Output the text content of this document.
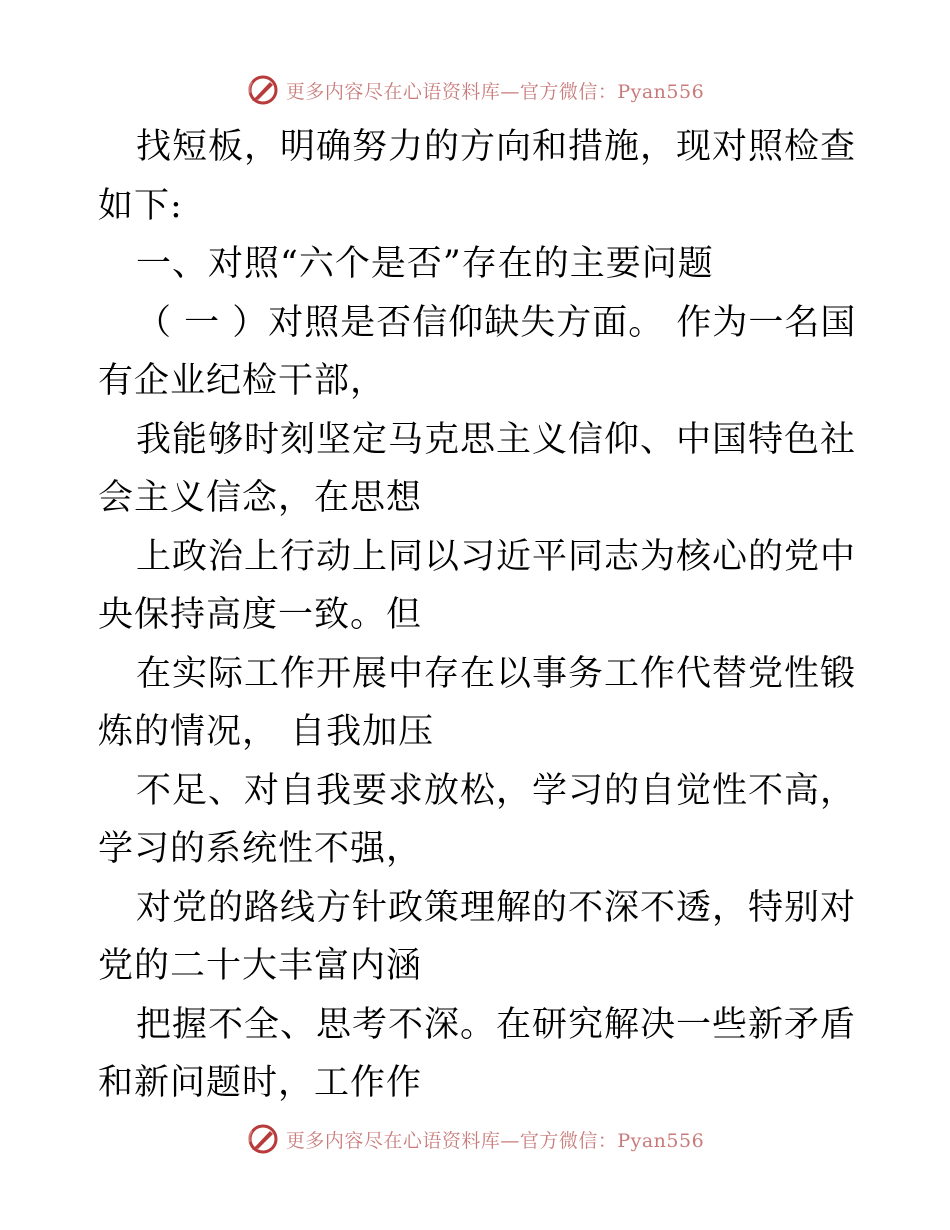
更多内容尽在心语资料库—官方微信：Pyan556

找短板，明确努力的方向和措施，现对照检查如下:

一、对照“六个是否”存在的主要问题

（ 一 ）对照是否信仰缺失方面。 作为一名国有企业纪检干部，

我能够时刻坚定马克思主义信仰、中国特色社会主义信念，在思想

上政治上行动上同以习近平同志为核心的党中央保持高度一致。但

在实际工作开展中存在以事务工作代替党性锻炼的情况， 自我加压

不足、对自我要求放松，学习的自觉性不高，学习的系统性不强，

对党的路线方针政策理解的不深不透，特别对党的二十大丰富内涵

把握不全、思考不深。在研究解决一些新矛盾和新问题时，工作作

更多内容尽在心语资料库—官方微信：Pyan556
